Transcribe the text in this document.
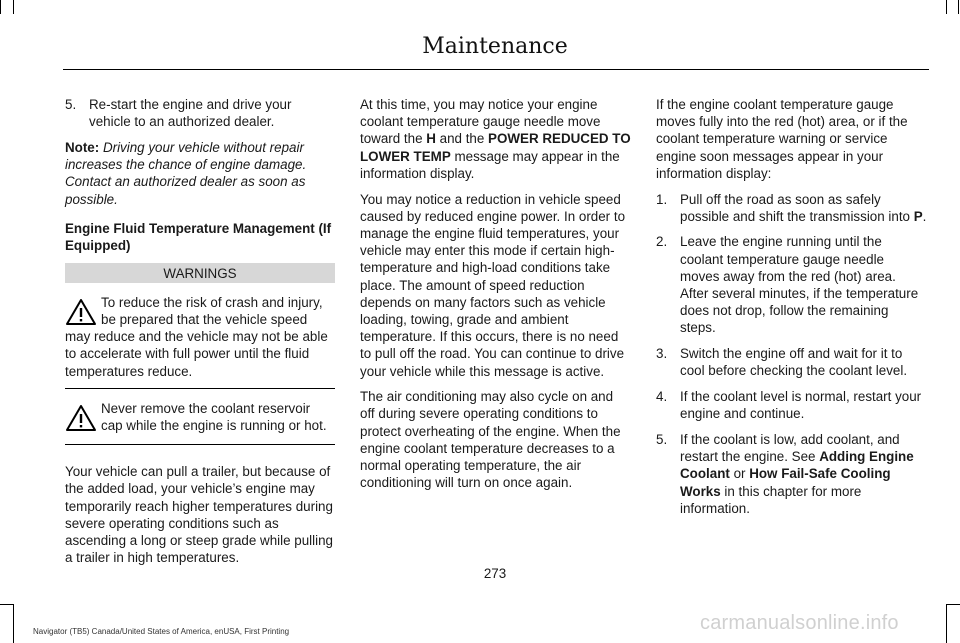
Maintenance
5. Re-start the engine and drive your vehicle to an authorized dealer.

Note: Driving your vehicle without repair increases the chance of engine damage. Contact an authorized dealer as soon as possible.

Engine Fluid Temperature Management (If Equipped)

WARNINGS
To reduce the risk of crash and injury, be prepared that the vehicle speed
may reduce and the vehicle may not be able to accelerate with full power until the fluid temperatures reduce.
Never remove the coolant reservoir cap while the engine is running or hot.

Your vehicle can pull a trailer, but because of the added load, your vehicle’s engine may temporarily reach higher temperatures during severe operating conditions such as ascending a long or steep grade while pulling a trailer in high temperatures.

At this time, you may notice your engine coolant temperature gauge needle move toward the H and the POWER REDUCED TO LOWER TEMP message may appear in the information display.

You may notice a reduction in vehicle speed caused by reduced engine power. In order to manage the engine fluid temperatures, your vehicle may enter this mode if certain high-temperature and high-load conditions take place. The amount of speed reduction depends on many factors such as vehicle loading, towing, grade and ambient temperature. If this occurs, there is no need to pull off the road. You can continue to drive your vehicle while this message is active.

The air conditioning may also cycle on and off during severe operating conditions to protect overheating of the engine. When the engine coolant temperature decreases to a normal operating temperature, the air conditioning will turn on once again.

If the engine coolant temperature gauge moves fully into the red (hot) area, or if the coolant temperature warning or service engine soon messages appear in your information display:

1. Pull off the road as soon as safely possible and shift the transmission into P.
2. Leave the engine running until the coolant temperature gauge needle moves away from the red (hot) area. After several minutes, if the temperature does not drop, follow the remaining steps.
3. Switch the engine off and wait for it to cool before checking the coolant level.
4. If the coolant level is normal, restart your engine and continue.
5. If the coolant is low, add coolant, and restart the engine. See Adding Engine Coolant or How Fail-Safe Cooling Works in this chapter for more information.
273
Navigator (TB5) Canada/United States of America, enUSA, First Printing	carmanualsonline.info
